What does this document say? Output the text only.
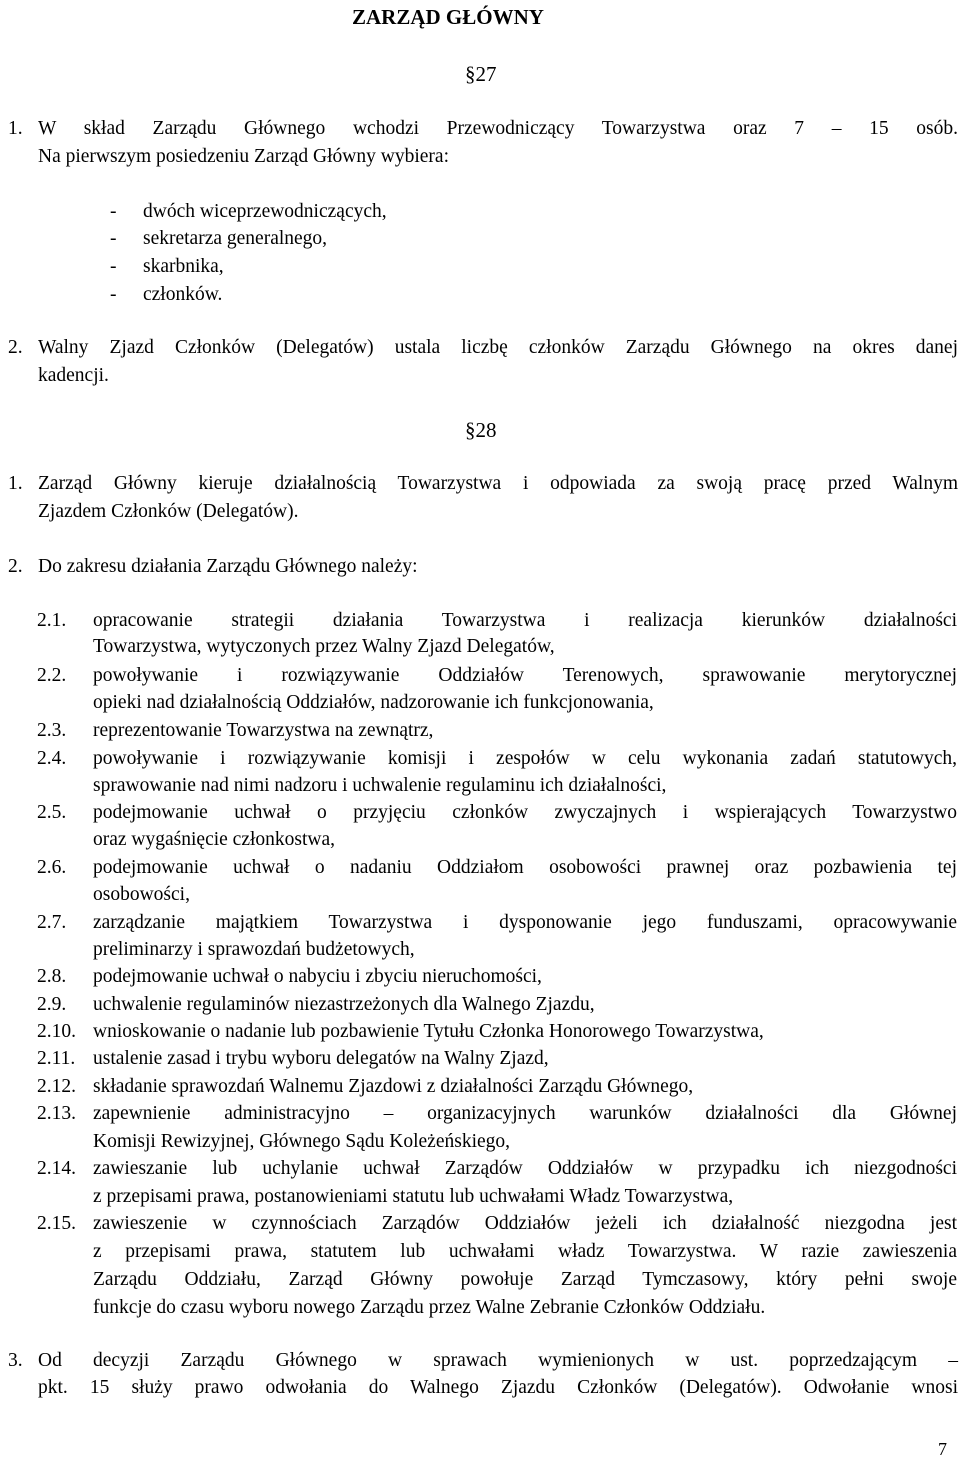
ZARZĄD GŁÓWNY
§27
1. W skład Zarządu Głównego wchodzi Przewodniczący Towarzystwa oraz 7 – 15 osób.
Na pierwszym posiedzeniu Zarząd Główny wybiera:
- dwóch wiceprzewodniczących,
- sekretarza generalnego,
- skarbnika,
- członków.
2. Walny Zjazd Członków (Delegatów) ustala liczbę członków Zarządu Głównego na okres danej
kadencji.
§28
1. Zarząd Główny kieruje działalnością Towarzystwa i odpowiada za swoją pracę przed Walnym
Zjazdem Członków (Delegatów).
2. Do zakresu działania Zarządu Głównego należy:
2.1. opracowanie strategii działania Towarzystwa i realizacja kierunków działalności
Towarzystwa, wytyczonych przez Walny Zjazd Delegatów,
2.2. powoływanie i rozwiązywanie Oddziałów Terenowych, sprawowanie merytorycznej
opieki nad działalnością Oddziałów, nadzorowanie ich funkcjonowania,
2.3. reprezentowanie Towarzystwa na zewnątrz,
2.4. powoływanie i rozwiązywanie komisji i zespołów w celu wykonania zadań statutowych,
sprawowanie nad nimi nadzoru i uchwalenie regulaminu ich działalności,
2.5. podejmowanie uchwał o przyjęciu członków zwyczajnych i wspierających Towarzystwo
oraz wygaśnięcie członkostwa,
2.6. podejmowanie uchwał o nadaniu Oddziałom osobowości prawnej oraz pozbawienia tej
osobowości,
2.7. zarządzanie majątkiem Towarzystwa i dysponowanie jego funduszami, opracowywanie
preliminarzy i sprawozdań budżetowych,
2.8. podejmowanie uchwał o nabyciu i zbyciu nieruchomości,
2.9. uchwalenie regulaminów niezastrzeżonych dla Walnego Zjazdu,
2.10. wnioskowanie o nadanie lub pozbawienie Tytułu Członka Honorowego Towarzystwa,
2.11. ustalenie zasad i trybu wyboru delegatów na Walny Zjazd,
2.12. składanie sprawozdań Walnemu Zjazdowi z działalności Zarządu Głównego,
2.13. zapewnienie administracyjno – organizacyjnych warunków działalności dla Głównej
Komisji Rewizyjnej, Głównego Sądu Koleżeńskiego,
2.14. zawieszanie lub uchylanie uchwał Zarządów Oddziałów w przypadku ich niezgodności
z przepisami prawa, postanowieniami statutu lub uchwałami Władz Towarzystwa,
2.15. zawieszenie w czynnościach Zarządów Oddziałów jeżeli ich działalność niezgodna jest
z przepisami prawa, statutem lub uchwałami władz Towarzystwa. W razie zawieszenia
Zarządu Oddziału, Zarząd Główny powołuje Zarząd Tymczasowy, który pełni swoje
funkcje do czasu wyboru nowego Zarządu przez Walne Zebranie Członków Oddziału.
3. Od decyzji Zarządu Głównego w sprawach wymienionych w ust. poprzedzającym –
pkt. 15 służy prawo odwołania do Walnego Zjazdu Członków (Delegatów). Odwołanie wnosi
7
